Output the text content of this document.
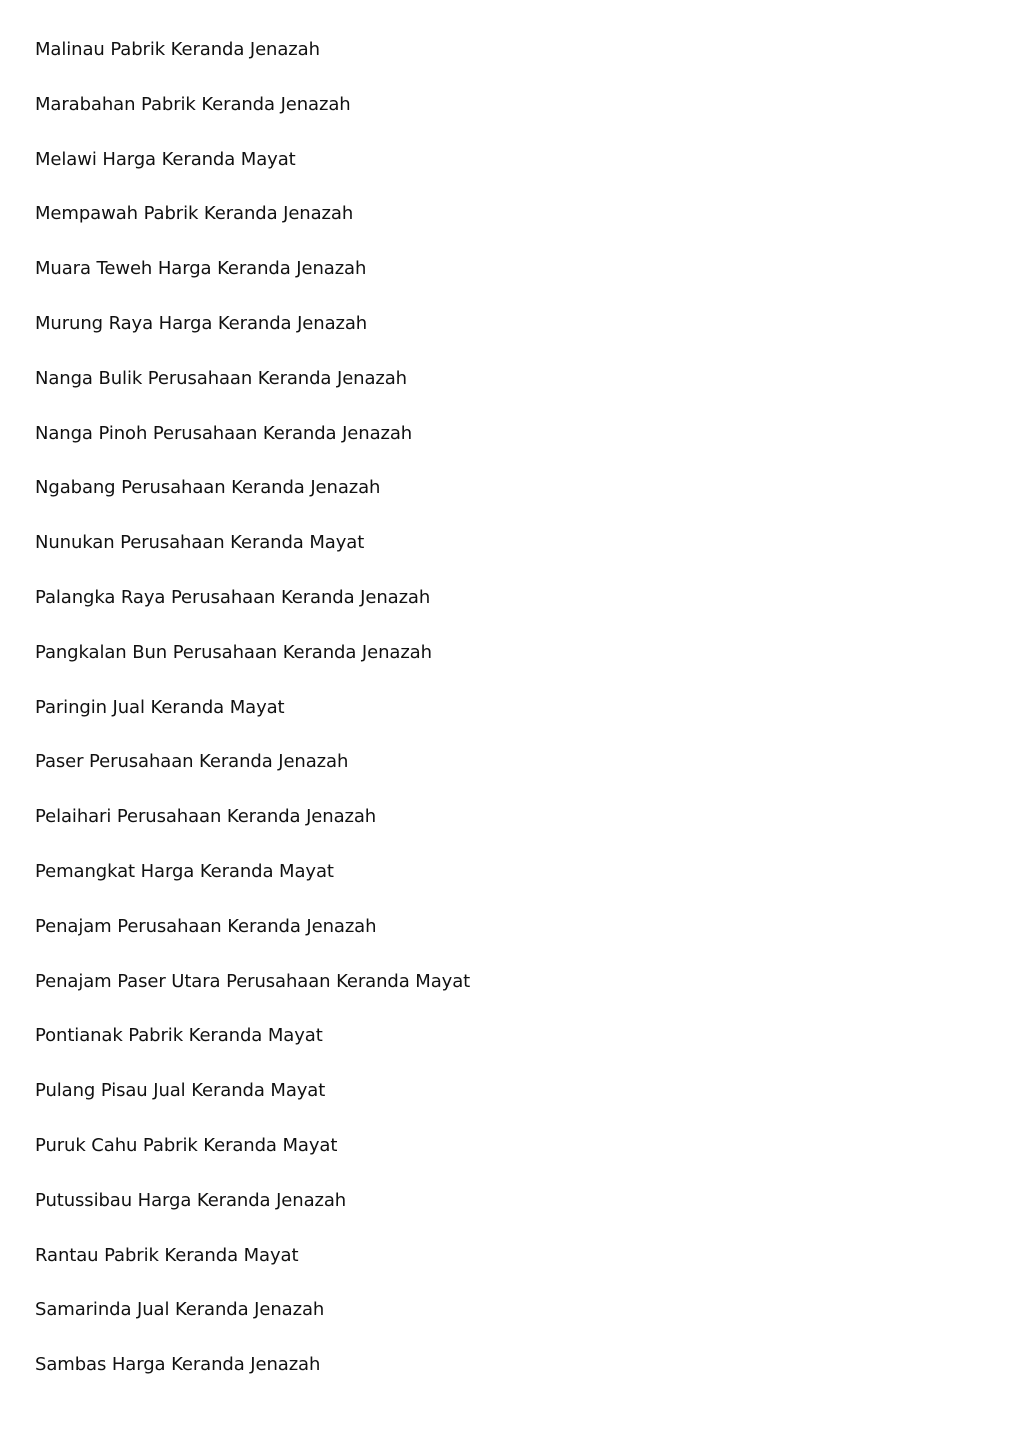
Malinau Pabrik Keranda Jenazah
Marabahan Pabrik Keranda Jenazah
Melawi Harga Keranda Mayat
Mempawah Pabrik Keranda Jenazah
Muara Teweh Harga Keranda Jenazah
Murung Raya Harga Keranda Jenazah
Nanga Bulik Perusahaan Keranda Jenazah
Nanga Pinoh Perusahaan Keranda Jenazah
Ngabang Perusahaan Keranda Jenazah
Nunukan Perusahaan Keranda Mayat
Palangka Raya Perusahaan Keranda Jenazah
Pangkalan Bun Perusahaan Keranda Jenazah
Paringin Jual Keranda Mayat
Paser Perusahaan Keranda Jenazah
Pelaihari Perusahaan Keranda Jenazah
Pemangkat Harga Keranda Mayat
Penajam Perusahaan Keranda Jenazah
Penajam Paser Utara Perusahaan Keranda Mayat
Pontianak Pabrik Keranda Mayat
Pulang Pisau Jual Keranda Mayat
Puruk Cahu Pabrik Keranda Mayat
Putussibau Harga Keranda Jenazah
Rantau Pabrik Keranda Mayat
Samarinda Jual Keranda Jenazah
Sambas Harga Keranda Jenazah
